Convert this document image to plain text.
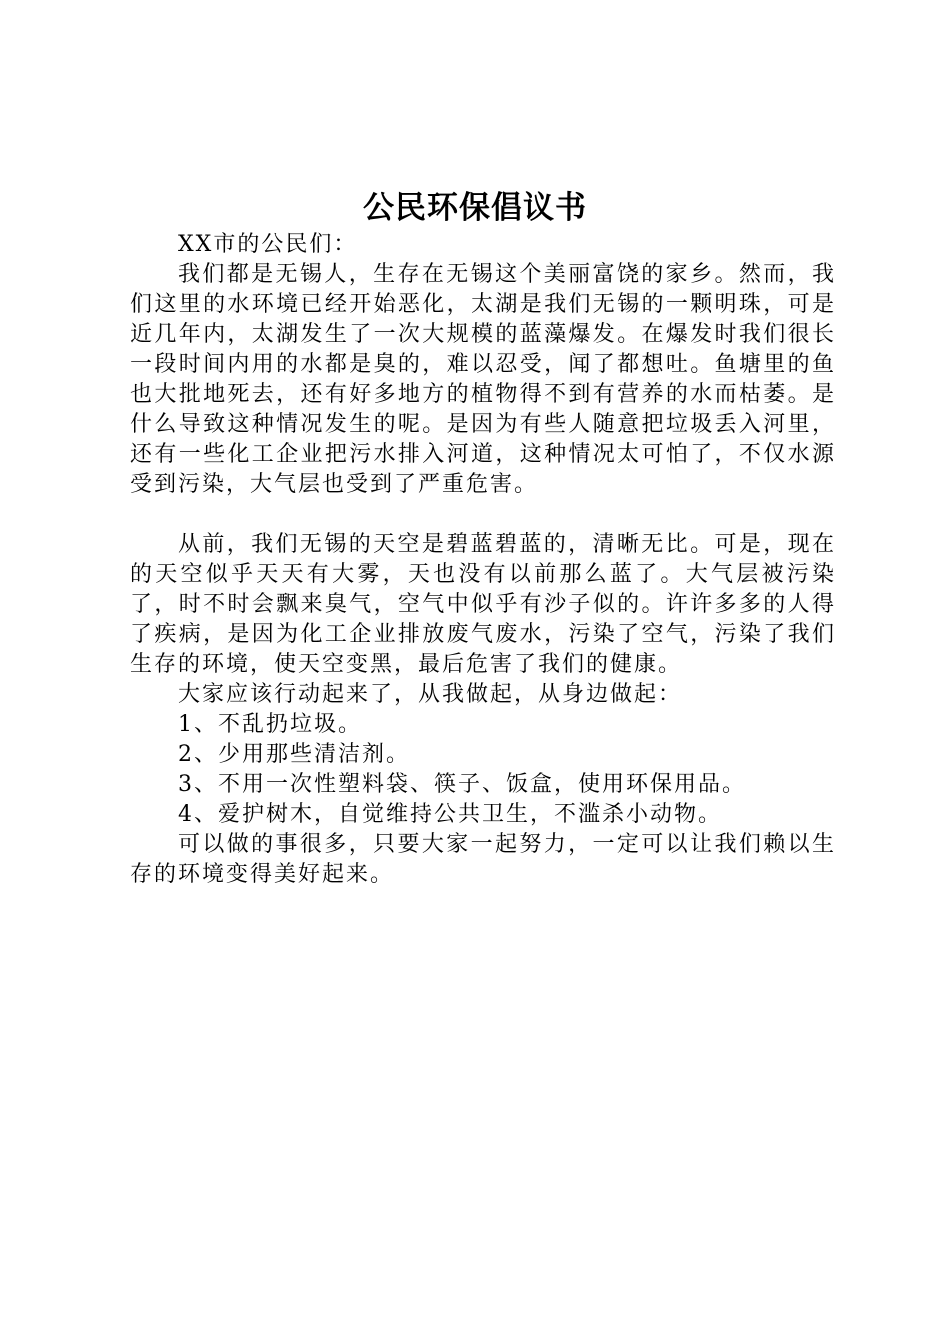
公民环保倡议书

XX市的公民们：

我们都是无锡人，生存在无锡这个美丽富饶的家乡。然而，我们这里的水环境已经开始恶化，太湖是我们无锡的一颗明珠，可是近几年内，太湖发生了一次大规模的蓝藻爆发。在爆发时我们很长一段时间内用的水都是臭的，难以忍受，闻了都想吐。鱼塘里的鱼也大批地死去，还有好多地方的植物得不到有营养的水而枯萎。是什么导致这种情况发生的呢。是因为有些人随意把垃圾丢入河里，还有一些化工企业把污水排入河道，这种情况太可怕了，不仅水源受到污染，大气层也受到了严重危害。

从前，我们无锡的天空是碧蓝碧蓝的，清晰无比。可是，现在的天空似乎天天有大雾，天也没有以前那么蓝了。大气层被污染了，时不时会飘来臭气，空气中似乎有沙子似的。许许多多的人得了疾病，是因为化工企业排放废气废水，污染了空气，污染了我们生存的环境，使天空变黑，最后危害了我们的健康。

大家应该行动起来了，从我做起，从身边做起：

1、不乱扔垃圾。

2、少用那些清洁剂。

3、不用一次性塑料袋、筷子、饭盒，使用环保用品。

4、爱护树木，自觉维持公共卫生，不滥杀小动物。

可以做的事很多，只要大家一起努力，一定可以让我们赖以生存的环境变得美好起来。
